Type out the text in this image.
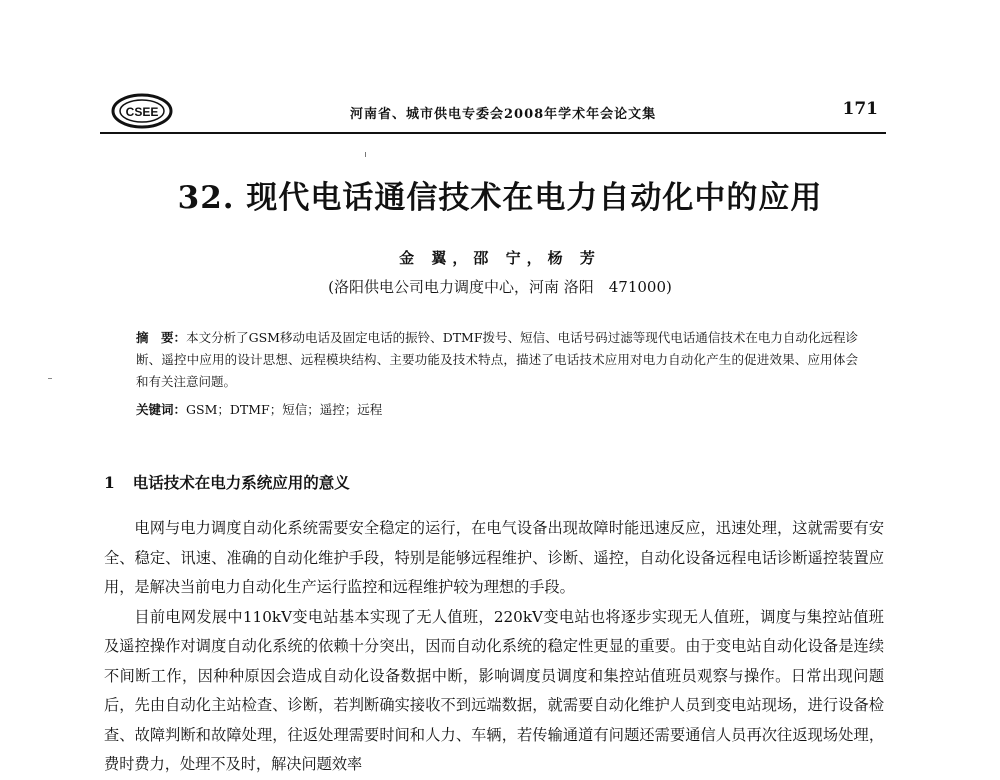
CSEE	河南省、城市供电专委会2008年学术年会论文集	171
32. 现代电话通信技术在电力自动化中的应用
金 翼，邵 宁，杨 芳
(洛阳供电公司电力调度中心，河南 洛阳　471000)
摘　要：本文分析了GSM移动电话及固定电话的振铃、DTMF拨号、短信、电话号码过滤等现代电话通信技术在电力自动化远程诊断、遥控中应用的设计思想、远程模块结构、主要功能及技术特点，描述了电话技术应用对电力自动化产生的促进效果、应用体会和有关注意问题。
关键词：GSM；DTMF；短信；遥控；远程
1 电话技术在电力系统应用的意义

电网与电力调度自动化系统需要安全稳定的运行，在电气设备出现故障时能迅速反应，迅速处理，这就需要有安全、稳定、讯速、准确的自动化维护手段，特别是能够远程维护、诊断、遥控，自动化设备远程电话诊断遥控装置应用，是解决当前电力自动化生产运行监控和远程维护较为理想的手段。

目前电网发展中110kV变电站基本实现了无人值班，220kV变电站也将逐步实现无人值班，调度与集控站值班及遥控操作对调度自动化系统的依赖十分突出，因而自动化系统的稳定性更显的重要。由于变电站自动化设备是连续不间断工作，因种种原因会造成自动化设备数据中断，影响调度员调度和集控站值班员观察与操作。日常出现问题后，先由自动化主站检查、诊断，若判断确实接收不到远端数据，就需要自动化维护人员到变电站现场，进行设备检查、故障判断和故障处理，往返处理需要时间和人力、车辆，若传输通道有问题还需要通信人员再次往返现场处理，费时费力，处理不及时，解决问题效率
